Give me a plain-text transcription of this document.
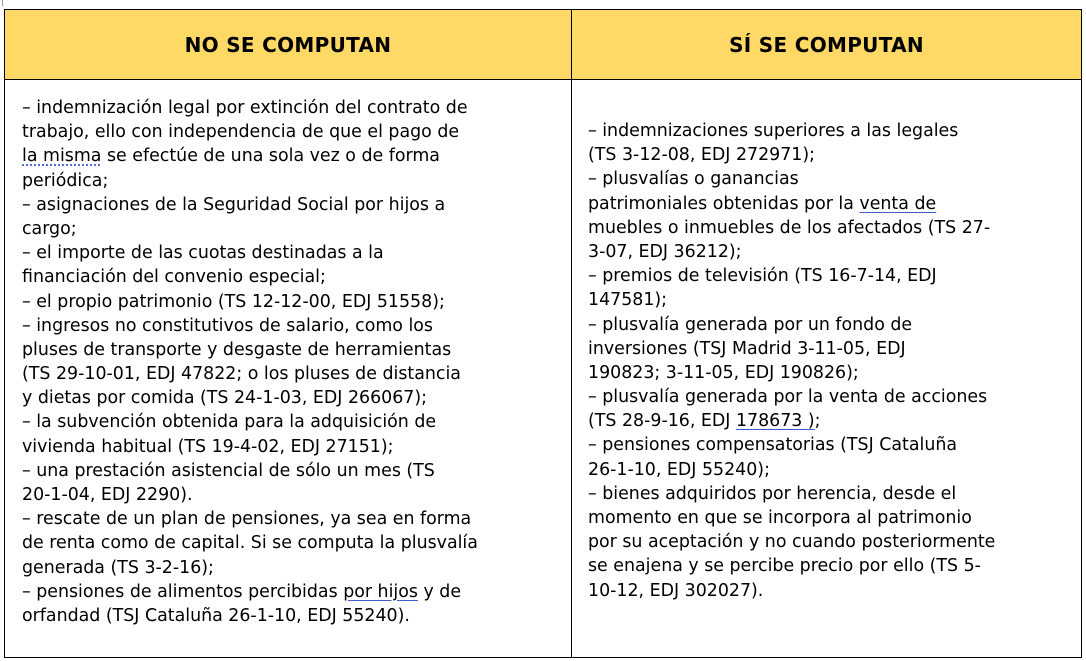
NO SE COMPUTAN	SÍ SE COMPUTAN
– indemnización legal por extinción del contrato de
trabajo, ello con independencia de que el pago de
la misma se efectúe de una sola vez o de forma
periódica;
– asignaciones de la Seguridad Social por hijos a
cargo;
– el importe de las cuotas destinadas a la
financiación del convenio especial;
– el propio patrimonio (TS 12-12-00, EDJ 51558);
– ingresos no constitutivos de salario, como los
pluses de transporte y desgaste de herramientas
(TS 29-10-01, EDJ 47822; o los pluses de distancia
y dietas por comida (TS 24-1-03, EDJ 266067);
– la subvención obtenida para la adquisición de
vivienda habitual (TS 19-4-02, EDJ 27151);
– una prestación asistencial de sólo un mes (TS
20-1-04, EDJ 2290).
– rescate de un plan de pensiones, ya sea en forma
de renta como de capital. Si se computa la plusvalía
generada (TS 3-2-16);
– pensiones de alimentos percibidas por hijos y de
orfandad (TSJ Cataluña 26-1-10, EDJ 55240).
– indemnizaciones superiores a las legales
(TS 3-12-08, EDJ 272971);
– plusvalías o ganancias
patrimoniales obtenidas por la venta de
muebles o inmuebles de los afectados (TS 27-
3-07, EDJ 36212);
– premios de televisión (TS 16-7-14, EDJ
147581);
– plusvalía generada por un fondo de
inversiones (TSJ Madrid 3-11-05, EDJ
190823; 3-11-05, EDJ 190826);
– plusvalía generada por la venta de acciones
(TS 28-9-16, EDJ 178673 );
– pensiones compensatorias (TSJ Cataluña
26-1-10, EDJ 55240);
– bienes adquiridos por herencia, desde el
momento en que se incorpora al patrimonio
por su aceptación y no cuando posteriormente
se enajena y se percibe precio por ello (TS 5-
10-12, EDJ 302027).
